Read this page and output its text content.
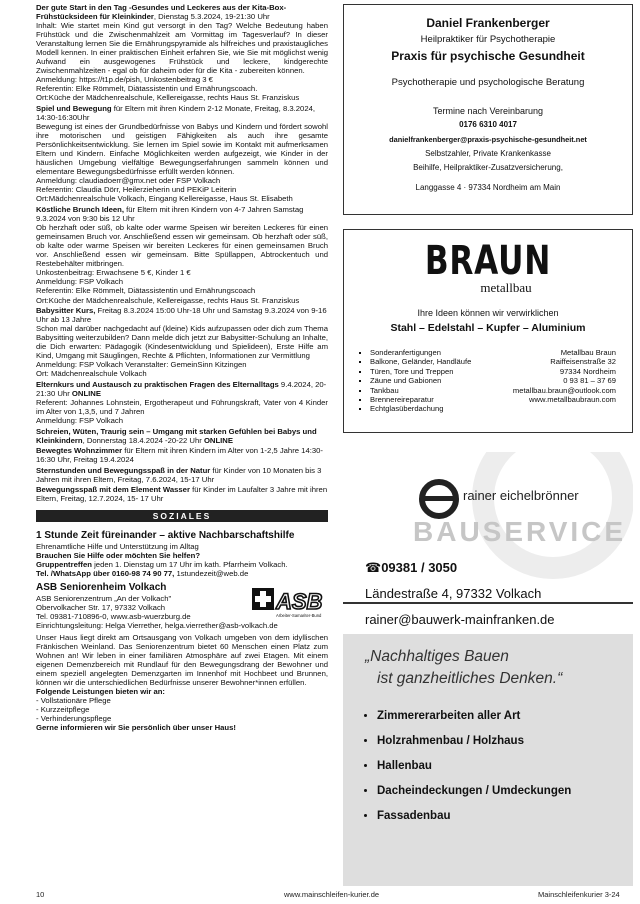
Der gute Start in den Tag -Gesundes und Leckeres aus der Kita-Box-Frühstücksideen für Kleinkinder, Dienstag 5.3.2024, 19-21:30 Uhr

Inhalt: Wie startet mein Kind gut versorgt in den Tag? Welche Bedeutung haben Frühstück und die Zwischenmahlzeit am Vormittag im Tagesverlauf? In dieser Veranstaltung lernen Sie die Ernährungspyramide als hilfreiches und praxistaugliches Modell kennen. In einer praktischen Einheit erfahren Sie, wie Sie mit möglichst wenig Aufwand ein ausgewogenes Frühstück und leckere, kindgerechte Zwischenmahlzeiten - egal ob für daheim oder für die Kita - zubereiten können.

Anmeldung: https://t1p.de/pish, Unkostenbeitrag 3 €

Referentin: Elke Römmelt, Diätassistentin und Ernährungscoach.

Ort:Küche der Mädchenrealschule, Kellereigasse, rechts Haus St. Franziskus

Spiel und Bewegung für Eltern mit ihren Kindern 2-12 Monate, Freitag, 8.3.2024, 14:30-16:30Uhr

Bewegung ist eines der Grundbedürfnisse von Babys und Kindern und fördert sowohl ihre motorischen und geistigen Fähigkeiten als auch ihre gesamte Persönlichkeitsentwicklung. Sie lernen im Spiel sowie im Kontakt mit aufmerksamen Eltern und Kindern. Einfache Möglichkeiten werden aufgezeigt, wie Kinder in der häuslichen Umgebung vielfältige Bewegungserfahrungen sammeln können und elementare Bewegungsbedürfnisse erfüllt werden können.

Anmeldung: claudiadoerr@gmx.net oder FSP Volkach

Referentin: Claudia Dörr, Heilerzieherin und PEKiP Leiterin

Ort:Mädchenrealschule Volkach, Eingang Kellereigasse, Haus St. Elisabeth

Köstliche Brunch Ideen, für Eltern mit ihren Kindern von 4-7 Jahren Samstag 9.3.2024 von 9:30 bis 12 Uhr

Ob herzhaft oder süß, ob kalte oder warme Speisen wir bereiten Leckeres für einen gemeinsamen Bruch vor. Anschließend essen wir gemeinsam. Ob herzhaft oder süß, ob kalte oder warme Speisen wir bereiten Leckeres für einen gemeinsamen Bruch vor. Anschließend essen wir gemeinsam. Bitte Spüllappen, Abtrockentuch und Restebehälter mitbringen.

Unkostenbeitrag: Erwachsene 5 €, Kinder 1 €

Anmeldung: FSP Volkach

Referentin: Elke Römmelt, Diätassistentin und Ernährungscoach

Ort:Küche der Mädchenrealschule, Kellereigasse, rechts Haus St. Franziskus

Babysitter Kurs, Freitag 8.3.2024 15:00 Uhr-18 Uhr und Samstag 9.3.2024 von 9-16 Uhr ab 13 Jahre

Schon mal darüber nachgedacht auf (kleine) Kids aufzupassen oder dich zum Thema Babysitting weiterzubilden? Dann melde dich jetzt zur Babysitter-Schulung an Inhalte, die Dich erwarten: Pädagogik (Kindesentwicklung und Spielideen), Erste Hilfe am Kind, Umgang mit Säuglingen, Rechte & Pflichten, Informationen zur Vermittlung

Anmeldung: FSP Volkach Veranstalter: GemeinSinn Kitzingen

Ort: Mädchenrealschule Volkach

Elternkurs und Austausch zu praktischen Fragen des Elternalltags 9.4.2024, 20-21:30 Uhr ONLINE

Referent: Johannes Lohnstein, Ergotherapeut und Führungskraft, Vater von 4 Kinder im Alter von 1,3,5, und 7 Jahren

Anmeldung: FSP Volkach

Schreien, Wüten, Traurig sein – Umgang mit starken Gefühlen bei Babys und Kleinkindern, Donnerstag 18.4.2024 -20-22 Uhr ONLINE

Bewegtes Wohnzimmer für Eltern mit ihren Kindern im Alter von 1-2,5 Jahre 14:30-16:30 Uhr, Freitag 19.4.2024

Sternstunden und Bewegungsspaß in der Natur für Kinder von 10 Monaten bis 3 Jahren mit ihren Eltern, Freitag, 7.6.2024, 15-17 Uhr

Bewegungsspaß mit dem Element Wasser für Kinder im Laufalter 3 Jahre mit ihren Eltern, Freitag, 12.7.2024, 15- 17 Uhr

SOZIALES

1 Stunde Zeit füreinander – aktive Nachbarschaftshilfe

Ehrenamtliche Hilfe und Unterstützung im Alltag

Brauchen Sie Hilfe oder möchten Sie helfen?

Gruppentreffen jeden 1. Dienstag um 17 Uhr im kath. Pfarrheim Volkach.

Tel. /WhatsApp über 0160-98 74 90 77, 1stundezeit@web.de

ASB
Arbeiter-Samariter-Bund

ASB Seniorenheim Volkach

ASB Seniorenzentrum „An der Volkach"

Obervolkacher Str. 17, 97332 Volkach

Tel. 09381-710896-0, www.asb-wuerzburg.de

Einrichtungsleitung: Helga Vierrether, helga.vierrether@asb-volkach.de

Unser Haus liegt direkt am Ortsausgang von Volkach umgeben von dem idyllischen Fränkischen Weinland. Das Seniorenzentrum bietet 60 Menschen einen Platz zum Wohnen an! Wir leben in einer familiären Atmosphäre auf zwei Etagen. Mit einem eigenen Demenzbereich mit Rundlauf für den Bewegungsdrang der Bewohner und einem speziell angelegten Demenzgarten im Innenhof mit Hochbeet und Brunnen, können wir die unterschiedlichen Bedürfnisse unserer Bewohner*innen erfüllen.

Folgende Leistungen bieten wir an:

- Vollstationäre Pflege

- Kurzzeitpflege

- Verhinderungspflege

Gerne informieren wir Sie persönlich über unser Haus!

Daniel Frankenberger
Heilpraktiker für Psychotherapie
Praxis für psychische Gesundheit
Psychotherapie und psychologische Beratung
Termine nach Vereinbarung
0176 6310 4017
danielfrankenberger@praxis-psychische-gesundheit.net
Selbstzahler, Private Krankenkasse
Beihilfe, Heilpraktiker-Zusatzversicherung,
Langgasse 4 · 97334 Nordheim am Main
BRAUN
metallbau
Ihre Ideen können wir verwirklichen
Stahl – Edelstahl – Kupfer – Aluminium
▪ Sonderanfertigungen
▪ Balkone, Geländer, Handläufe
▪ Türen, Tore und Treppen
▪ Zäune und Gabionen
▪ Tankbau
▪ Brennereireparatur
▪ Echtglasüberdachung
Metallbau Braun
Raiffeisenstraße 32
97334 Nordheim
0 93 81 – 37 69
metallbau.braun@outlook.com
www.metallbaubraun.com
rainer eichelbrönner
BAUSERVICE
☎09381 / 3050
Ländestraße 4, 97332 Volkach
rainer@bauwerk-mainfranken.de
„Nachhaltiges Bauen
ist ganzheitliches Denken.“
• Zimmererarbeiten aller Art
• Holzrahmenbau / Holzhaus
• Hallenbau
• Dacheindeckungen / Umdeckungen
• Fassadenbau
10	www.mainschleifen-kurier.de	Mainschleifenkurier 3-24
